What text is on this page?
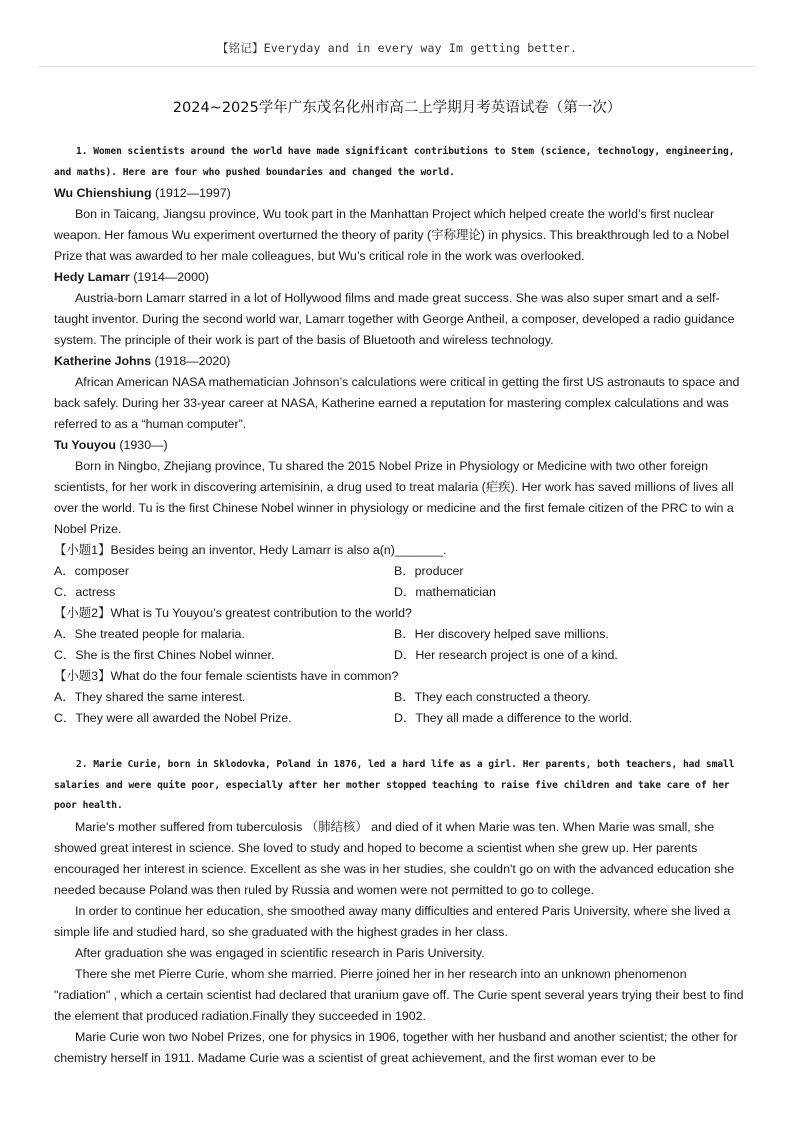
【铭记】Everyday and in every way Im getting better.
2024~2025学年广东茂名化州市高二上学期月考英语试卷（第一次）

1. Women scientists around the world have made significant contributions to Stem (science, technology, engineering, and maths). Here are four who pushed boundaries and changed the world.

Wu Chienshiung (1912—1997)

Bon in Taicang, Jiangsu province, Wu took part in the Manhattan Project which helped create the world’s first nuclear weapon. Her famous Wu experiment overturned the theory of parity (宇称理论) in physics. This breakthrough led to a Nobel Prize that was awarded to her male colleagues, but Wu’s critical role in the work was overlooked.

Hedy Lamarr (1914—2000)

Austria-born Lamarr starred in a lot of Hollywood films and made great success. She was also super smart and a self-taught inventor. During the second world war, Lamarr together with George Antheil, a composer, developed a radio guidance system. The principle of their work is part of the basis of Bluetooth and wireless technology.

Katherine Johns (1918—2020)

African American NASA mathematician Johnson’s calculations were critical in getting the first US astronauts to space and back safely. During her 33-year career at NASA, Katherine earned a reputation for mastering complex calculations and was referred to as a “human computer”.

Tu Youyou (1930—)

Born in Ningbo, Zhejiang province, Tu shared the 2015 Nobel Prize in Physiology or Medicine with two other foreign scientists, for her work in discovering artemisinin, a drug used to treat malaria (疟疾). Her work has saved millions of lives all over the world. Tu is the first Chinese Nobel winner in physiology or medicine and the first female citizen of the PRC to win a Nobel Prize.

【小题1】Besides being an inventor, Hedy Lamarr is also a(n)_______.

A．composer	B．producer
C．actress	D．mathematician

【小题2】What is Tu Youyou’s greatest contribution to the world?

A．She treated people for malaria.	B．Her discovery helped save millions.
C．She is the first Chines Nobel winner.	D．Her research project is one of a kind.

【小题3】What do the four female scientists have in common?

A．They shared the same interest.	B．They each constructed a theory.
C．They were all awarded the Nobel Prize.	D．They all made a difference to the world.

2. Marie Curie, born in Sklodovka, Poland in 1876, led a hard life as a girl. Her parents, both teachers, had small salaries and were quite poor, especially after her mother stopped teaching to raise five children and take care of her poor health.

Marie's mother suffered from tuberculosis （肺结核） and died of it when Marie was ten. When Marie was small, she showed great interest in science. She loved to study and hoped to become a scientist when she grew up. Her parents encouraged her interest in science. Excellent as she was in her studies, she couldn't go on with the advanced education she needed because Poland was then ruled by Russia and women were not permitted to go to college.

In order to continue her education, she smoothed away many difficulties and entered Paris University, where she lived a simple life and studied hard, so she graduated with the highest grades in her class.

After graduation she was engaged in scientific research in Paris University.

There she met Pierre Curie, whom she married. Pierre joined her in her research into an unknown phenomenon "radiation" , which a certain scientist had declared that uranium gave off. The Curie spent several years trying their best to find the element that produced radiation.Finally they succeeded in 1902.

Marie Curie won two Nobel Prizes, one for physics in 1906, together with her husband and another scientist; the other for chemistry herself in 1911. Madame Curie was a scientist of great achievement, and the first woman ever to be
